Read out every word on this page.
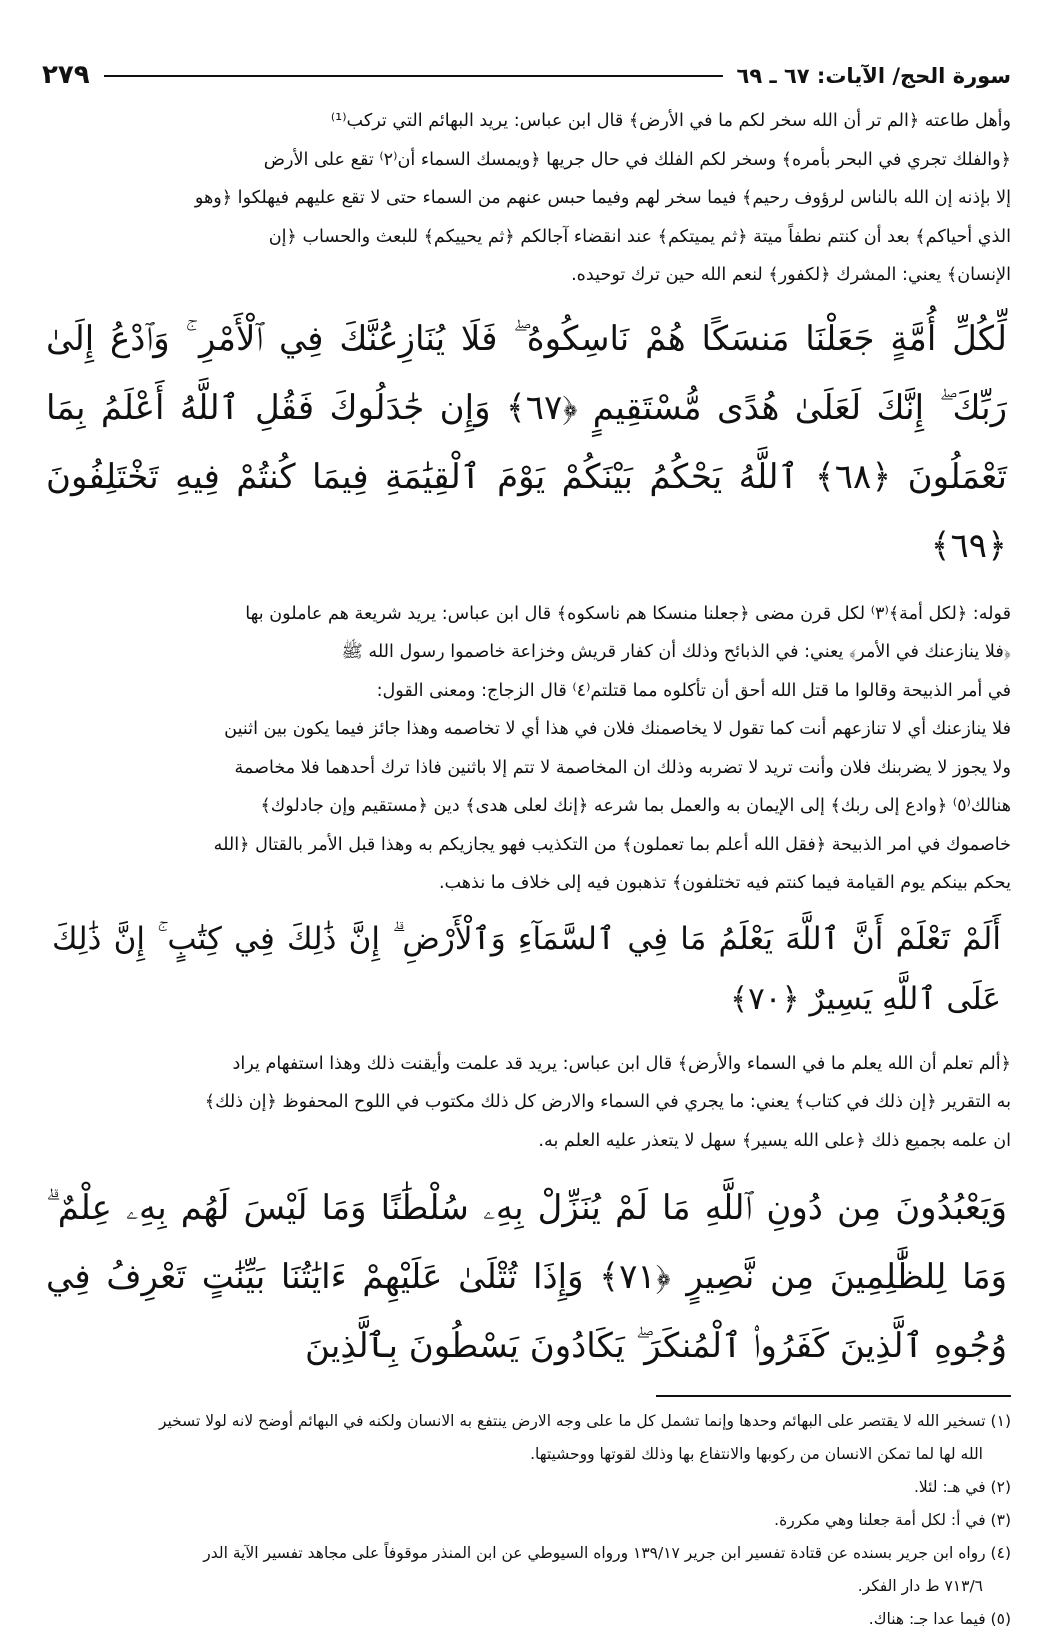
سورة الحج/ الآيات: ٦٧ ـ ٦٩
٢٧٩

وأهل طاعته ﴿الم تر أن الله سخر لكم ما في الأرض﴾ قال ابن عباس: يريد البهائم التي تركب⁽¹⁾

﴿والفلك تجري في البحر بأمره﴾ وسخر لكم الفلك في حال جريها ﴿ويمسك السماء أن⁽٢⁾ تقع على الأرض

إلا بإذنه إن الله بالناس لرؤوف رحيم﴾ فيما سخر لهم وفيما حبس عنهم من السماء حتى لا تقع عليهم فيهلكوا ﴿وهو

الذي أحياكم﴾ بعد أن كنتم نطفاً ميتة ﴿ثم يميتكم﴾ عند انقضاء آجالكم ﴿ثم يحييكم﴾ للبعث والحساب ﴿إن

الإنسان﴾ يعني: المشرك ﴿لكفور﴾ لنعم الله حين ترك توحيده.

لِّكُلِّ أُمَّةٍ جَعَلْنَا مَنسَكًا هُمْ نَاسِكُوهُ ۖ فَلَا يُنَازِعُنَّكَ فِي ٱلْأَمْرِ ۚ وَٱدْعُ إِلَىٰ رَبِّكَ ۖ إِنَّكَ لَعَلَىٰ هُدًى مُّسْتَقِيمٍ ﴿٦٧﴾ وَإِن جَٰدَلُوكَ فَقُلِ ٱللَّهُ أَعْلَمُ بِمَا تَعْمَلُونَ ﴿٦٨﴾ ٱللَّهُ يَحْكُمُ بَيْنَكُمْ يَوْمَ ٱلْقِيَٰمَةِ فِيمَا كُنتُمْ فِيهِ تَخْتَلِفُونَ ﴿٦٩﴾

قوله: ﴿لكل أمة﴾⁽٣⁾ لكل قرن مضى ﴿جعلنا منسكا هم ناسكوه﴾ قال ابن عباس: يريد شريعة هم عاملون بها

﴿فلا ينازعنك في الأمر﴾ يعني: في الذبائح وذلك أن كفار قريش وخزاعة خاصموا رسول الله ﷺ

في أمر الذبيحة وقالوا ما قتل الله أحق أن تأكلوه مما قتلتم⁽٤⁾ قال الزجاج: ومعنى القول:

فلا ينازعنك أي لا تنازعهم أنت كما تقول لا يخاصمنك فلان في هذا أي لا تخاصمه وهذا جائز فيما يكون بين اثنين

ولا يجوز لا يضربنك فلان وأنت تريد لا تضربه وذلك ان المخاصمة لا تتم إلا باثنين فاذا ترك أحدهما فلا مخاصمة

هنالك⁽٥⁾ ﴿وادع إلى ربك﴾ إلى الإيمان به والعمل بما شرعه ﴿إنك لعلى هدى﴾ دين ﴿مستقيم وإن جادلوك﴾

خاصموك في امر الذبيحة ﴿فقل الله أعلم بما تعملون﴾ من التكذيب فهو يجازيكم به وهذا قبل الأمر بالقتال ﴿الله

يحكم بينكم يوم القيامة فيما كنتم فيه تختلفون﴾ تذهبون فيه إلى خلاف ما نذهب.

أَلَمْ تَعْلَمْ أَنَّ ٱللَّهَ يَعْلَمُ مَا فِي ٱلسَّمَآءِ وَٱلْأَرْضِ ۗ إِنَّ ذَٰلِكَ فِي كِتَٰبٍ ۚ إِنَّ ذَٰلِكَ عَلَى ٱللَّهِ يَسِيرٌ ﴿٧٠﴾

﴿ألم تعلم أن الله يعلم ما في السماء والأرض﴾ قال ابن عباس: يريد قد علمت وأيقنت ذلك وهذا استفهام يراد

به التقرير ﴿إن ذلك في كتاب﴾ يعني: ما يجري في السماء والارض كل ذلك مكتوب في اللوح المحفوظ ﴿إن ذلك﴾

ان علمه بجميع ذلك ﴿على الله يسير﴾ سهل لا يتعذر عليه العلم به.

وَيَعْبُدُونَ مِن دُونِ ٱللَّهِ مَا لَمْ يُنَزِّلْ بِهِۦ سُلْطَٰنًا وَمَا لَيْسَ لَهُم بِهِۦ عِلْمٌ ۗ وَمَا لِلظَّٰلِمِينَ مِن نَّصِيرٍ ﴿٧١﴾ وَإِذَا تُتْلَىٰ عَلَيْهِمْ ءَايَٰتُنَا بَيِّنَٰتٍ تَعْرِفُ فِي وُجُوهِ ٱلَّذِينَ كَفَرُوا۟ ٱلْمُنكَرَ ۖ يَكَادُونَ يَسْطُونَ بِٱلَّذِينَ

(١) تسخير الله لا يقتصر على البهائم وحدها وإنما تشمل كل ما على وجه الارض ينتفع به الانسان ولكنه في البهائم أوضح لانه لولا تسخير

الله لها لما تمكن الانسان من ركوبها والانتفاع بها وذلك لقوتها ووحشيتها.

(٢) في هـ: لئلا.

(٣) في أ: لكل أمة جعلنا وهي مكررة.

(٤) رواه ابن جرير بسنده عن قتادة تفسير ابن جرير ١٣٩/١٧ ورواه السيوطي عن ابن المنذر موقوفاً على مجاهد تفسير الآية الدر

٧١٣/٦ ط دار الفكر.

(٥) فيما عدا جـ: هناك.
